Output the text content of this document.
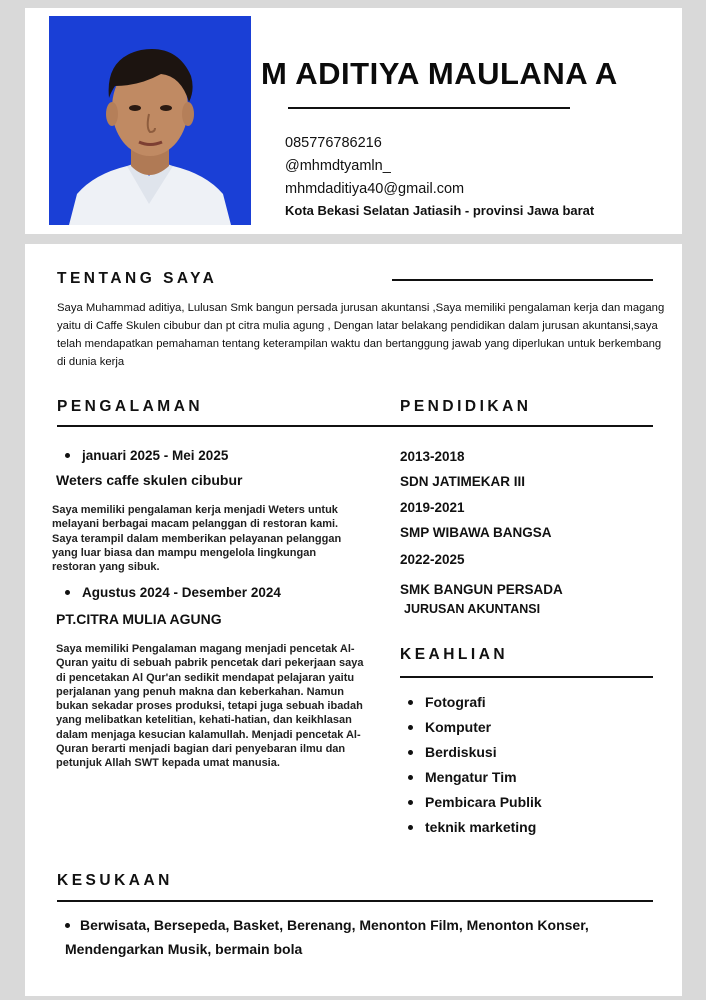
M ADITIYA MAULANA A
085776786216
@mhmdtyamln_
mhmdaditiya40@gmail.com
Kota Bekasi Selatan Jatiasih - provinsi Jawa barat
TENTANG SAYA
Saya Muhammad aditiya, Lulusan Smk bangun persada jurusan akuntansi ,Saya memiliki pengalaman kerja dan magang yaitu di Caffe Skulen cibubur dan pt citra mulia agung , Dengan latar belakang pendidikan dalam jurusan akuntansi,saya telah mendapatkan pemahaman tentang keterampilan waktu dan bertanggung jawab yang diperlukan untuk berkembang di dunia kerja
PENGALAMAN
januari 2025 - Mei 2025
Weters caffe skulen cibubur
Saya memiliki pengalaman kerja menjadi Weters untuk melayani berbagai macam pelanggan di restoran kami. Saya terampil dalam memberikan pelayanan pelanggan yang luar biasa dan mampu mengelola lingkungan restoran yang sibuk.
Agustus 2024 - Desember 2024
PT.CITRA MULIA AGUNG
Saya memiliki Pengalaman magang menjadi pencetak Al-Quran yaitu di sebuah pabrik pencetak dari pekerjaan saya di pencetakan Al Qur'an sedikit mendapat pelajaran yaitu perjalanan yang penuh makna dan keberkahan. Namun bukan sekadar proses produksi, tetapi juga sebuah ibadah yang melibatkan ketelitian, kehati-hatian, dan keikhlasan dalam menjaga kesucian kalamullah. Menjadi pencetak Al-Quran berarti menjadi bagian dari penyebaran ilmu dan petunjuk Allah SWT kepada umat manusia.
PENDIDIKAN
2013-2018
SDN JATIMEKAR III
2019-2021
SMP WIBAWA BANGSA
2022-2025
SMK BANGUN PERSADA
JURUSAN AKUNTANSI
KEAHLIAN
Fotografi
Komputer
Berdiskusi
Mengatur Tim
Pembicara Publik
teknik marketing
KESUKAAN
Berwisata, Bersepeda, Basket, Berenang, Menonton Film, Menonton Konser, Mendengarkan Musik, bermain bola
